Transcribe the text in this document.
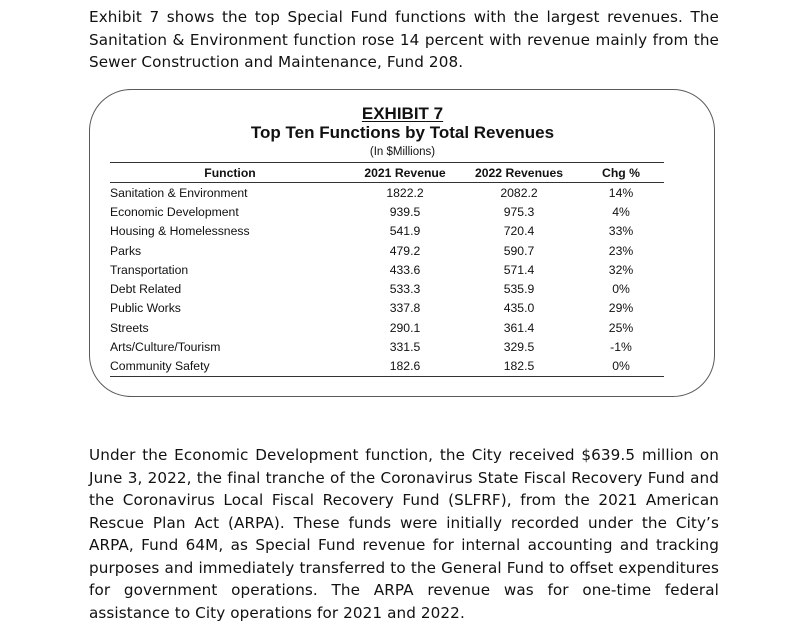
Exhibit 7 shows the top Special Fund functions with the largest revenues. The Sanitation & Environment function rose 14 percent with revenue mainly from the Sewer Construction and Maintenance, Fund 208.

EXHIBIT 7
Top Ten Functions by Total Revenues
(In $Millions)
Function	2021 Revenue	2022 Revenues	Chg %
Sanitation & Environment	1822.2	2082.2	14%
Economic Development	939.5	975.3	4%
Housing & Homelessness	541.9	720.4	33%
Parks	479.2	590.7	23%
Transportation	433.6	571.4	32%
Debt Related	533.3	535.9	0%
Public Works	337.8	435.0	29%
Streets	290.1	361.4	25%
Arts/Culture/Tourism	331.5	329.5	-1%
Community Safety	182.6	182.5	0%

Under the Economic Development function, the City received $639.5 million on June 3, 2022, the final tranche of the Coronavirus State Fiscal Recovery Fund and the Coronavirus Local Fiscal Recovery Fund (SLFRF), from the 2021 American Rescue Plan Act (ARPA). These funds were initially recorded under the City’s ARPA, Fund 64M, as Special Fund revenue for internal accounting and tracking purposes and immediately transferred to the General Fund to offset expenditures for government operations. The ARPA revenue was for one-time federal assistance to City operations for 2021 and 2022.
